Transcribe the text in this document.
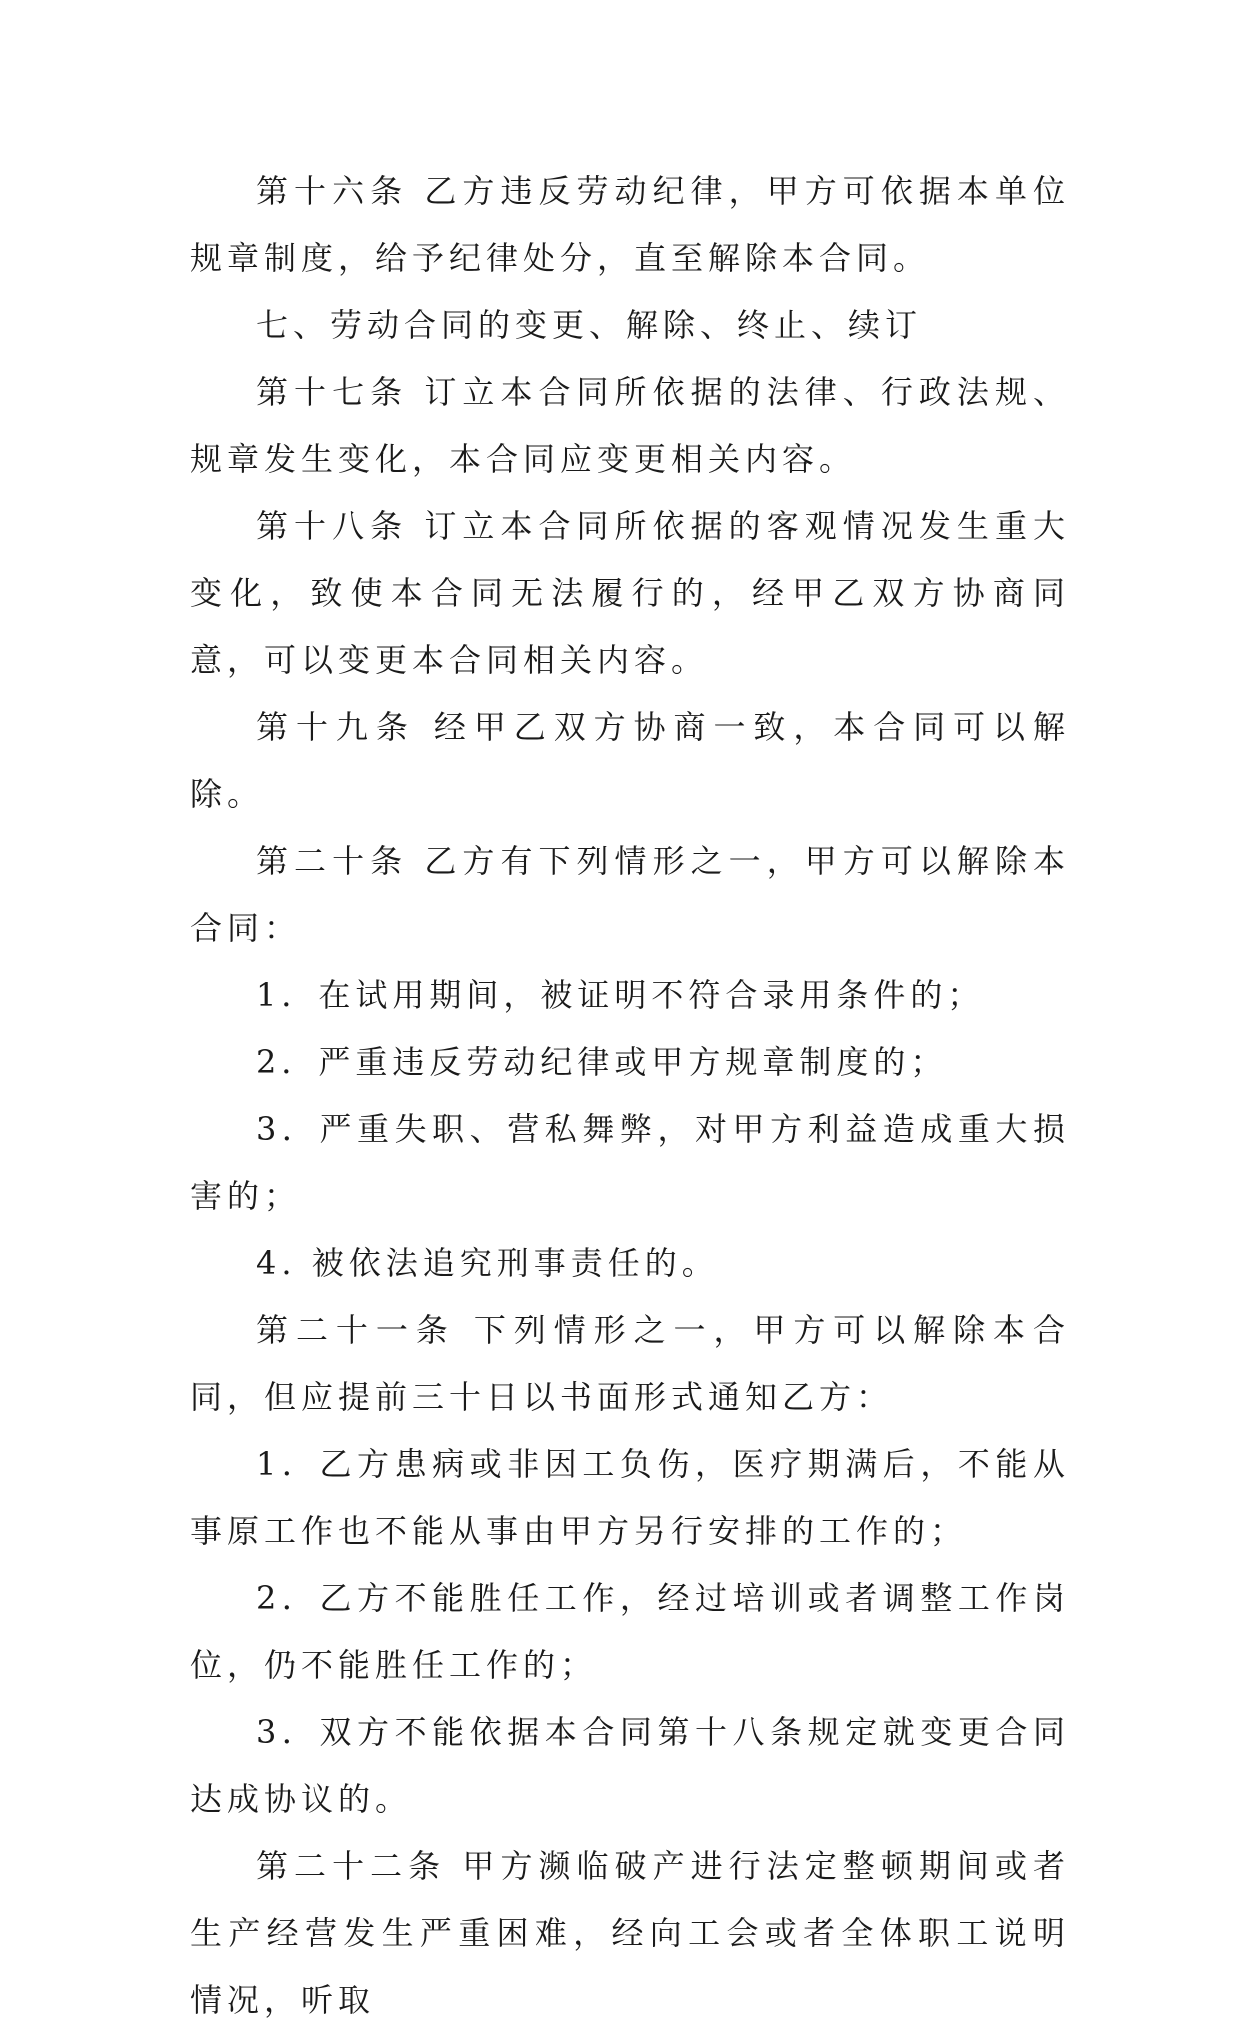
第十六条 乙方违反劳动纪律，甲方可依据本单位规章制度，给予纪律处分，直至解除本合同。

七、劳动合同的变更、解除、终止、续订

第十七条 订立本合同所依据的法律、行政法规、规章发生变化，本合同应变更相关内容。

第十八条 订立本合同所依据的客观情况发生重大变化，致使本合同无法履行的，经甲乙双方协商同意，可以变更本合同相关内容。

第十九条 经甲乙双方协商一致，本合同可以解除。

第二十条 乙方有下列情形之一，甲方可以解除本合同：

1．在试用期间，被证明不符合录用条件的；

2．严重违反劳动纪律或甲方规章制度的；

3．严重失职、营私舞弊，对甲方利益造成重大损害的；

4. 被依法追究刑事责任的。

第二十一条 下列情形之一，甲方可以解除本合同，但应提前三十日以书面形式通知乙方：

1．乙方患病或非因工负伤，医疗期满后，不能从事原工作也不能从事由甲方另行安排的工作的；

2．乙方不能胜任工作，经过培训或者调整工作岗位，仍不能胜任工作的；

3．双方不能依据本合同第十八条规定就变更合同达成协议的。

第二十二条 甲方濒临破产进行法定整顿期间或者生产经营发生严重困难，经向工会或者全体职工说明情况，听取
